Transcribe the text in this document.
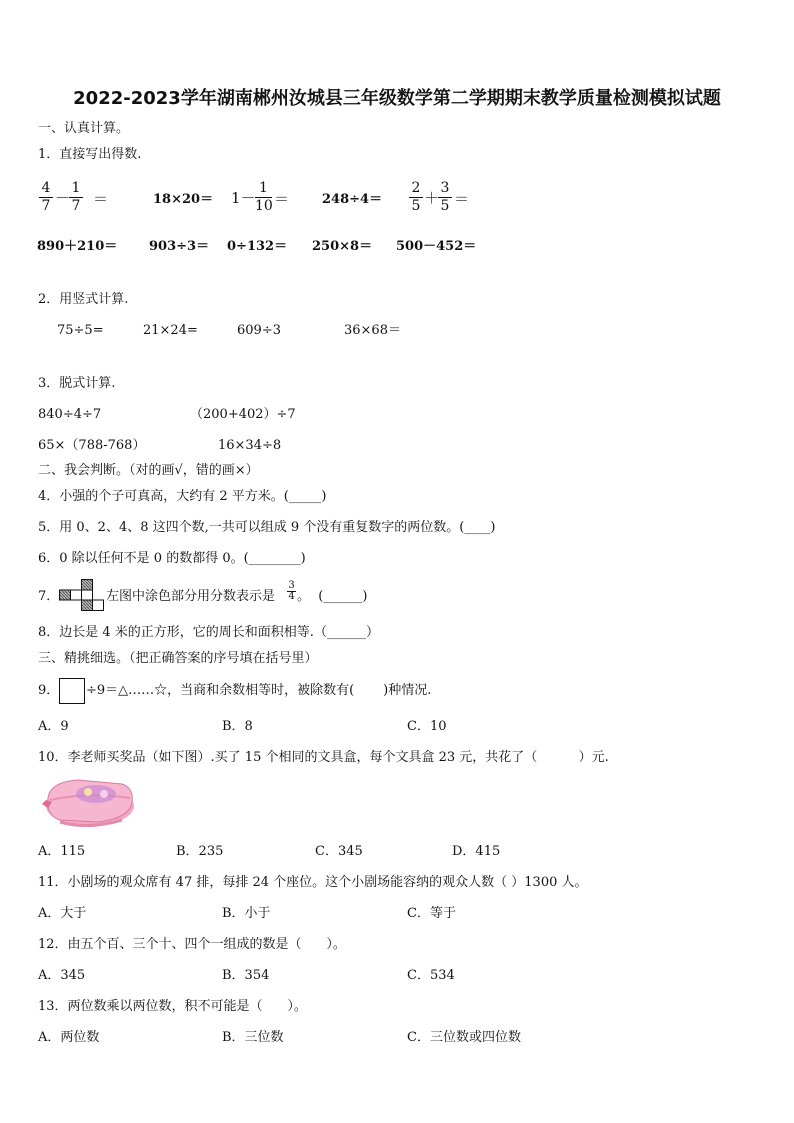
2022-2023学年湖南郴州汝城县三年级数学第二学期期末教学质量检测模拟试题
一、认真计算。
1．直接写出得数.
4
7 －
1
7 ＝	18×20＝ 1－
1
10 ＝	248÷4＝
2
5 ＋
3
5 ＝
890＋210＝ 903÷3＝ 0÷132＝ 250×8＝ 500－452＝
2．用竖式计算.
75÷5=	21×24=	609÷3	36×68＝
3．脱式计算.
840÷4÷7	（200+402）÷7
65×（788-768）	16×34÷8
二、我会判断。（对的画√，错的画×）
4．小强的个子可真高，大约有 2 平方米。(_____)
5．用 0、2、4、8 这四个数,一共可以组成 9 个没有重复数字的两位数。(____)
6．0 除以任何不是 0 的数都得 0。(________)
7．	左图中涂色部分用分数表示是
3
4 。  (______)
8．边长是 4 米的正方形，它的周长和面积相等.（______）
三、精挑细选。（把正确答案的序号填在括号里）
9． ÷9＝△……☆，当商和余数相等时，被除数有(       )种情况.
A．9	B．8	C．10
10．李老师买奖品（如下图）.买了 15 个相同的文具盒，每个文具盒 23 元，共花了（          ）元.
A．115	B．235	C．345	D．415
11．小剧场的观众席有 47 排，每排 24 个座位。这个小剧场能容纳的观众人数（ ）1300 人。
A．大于	B．小于	C．等于
12．由五个百、三个十、四个一组成的数是（      ）。
A．345	B．354	C．534
13．两位数乘以两位数，积不可能是（      ）。
A．两位数	B．三位数	C．三位数或四位数
